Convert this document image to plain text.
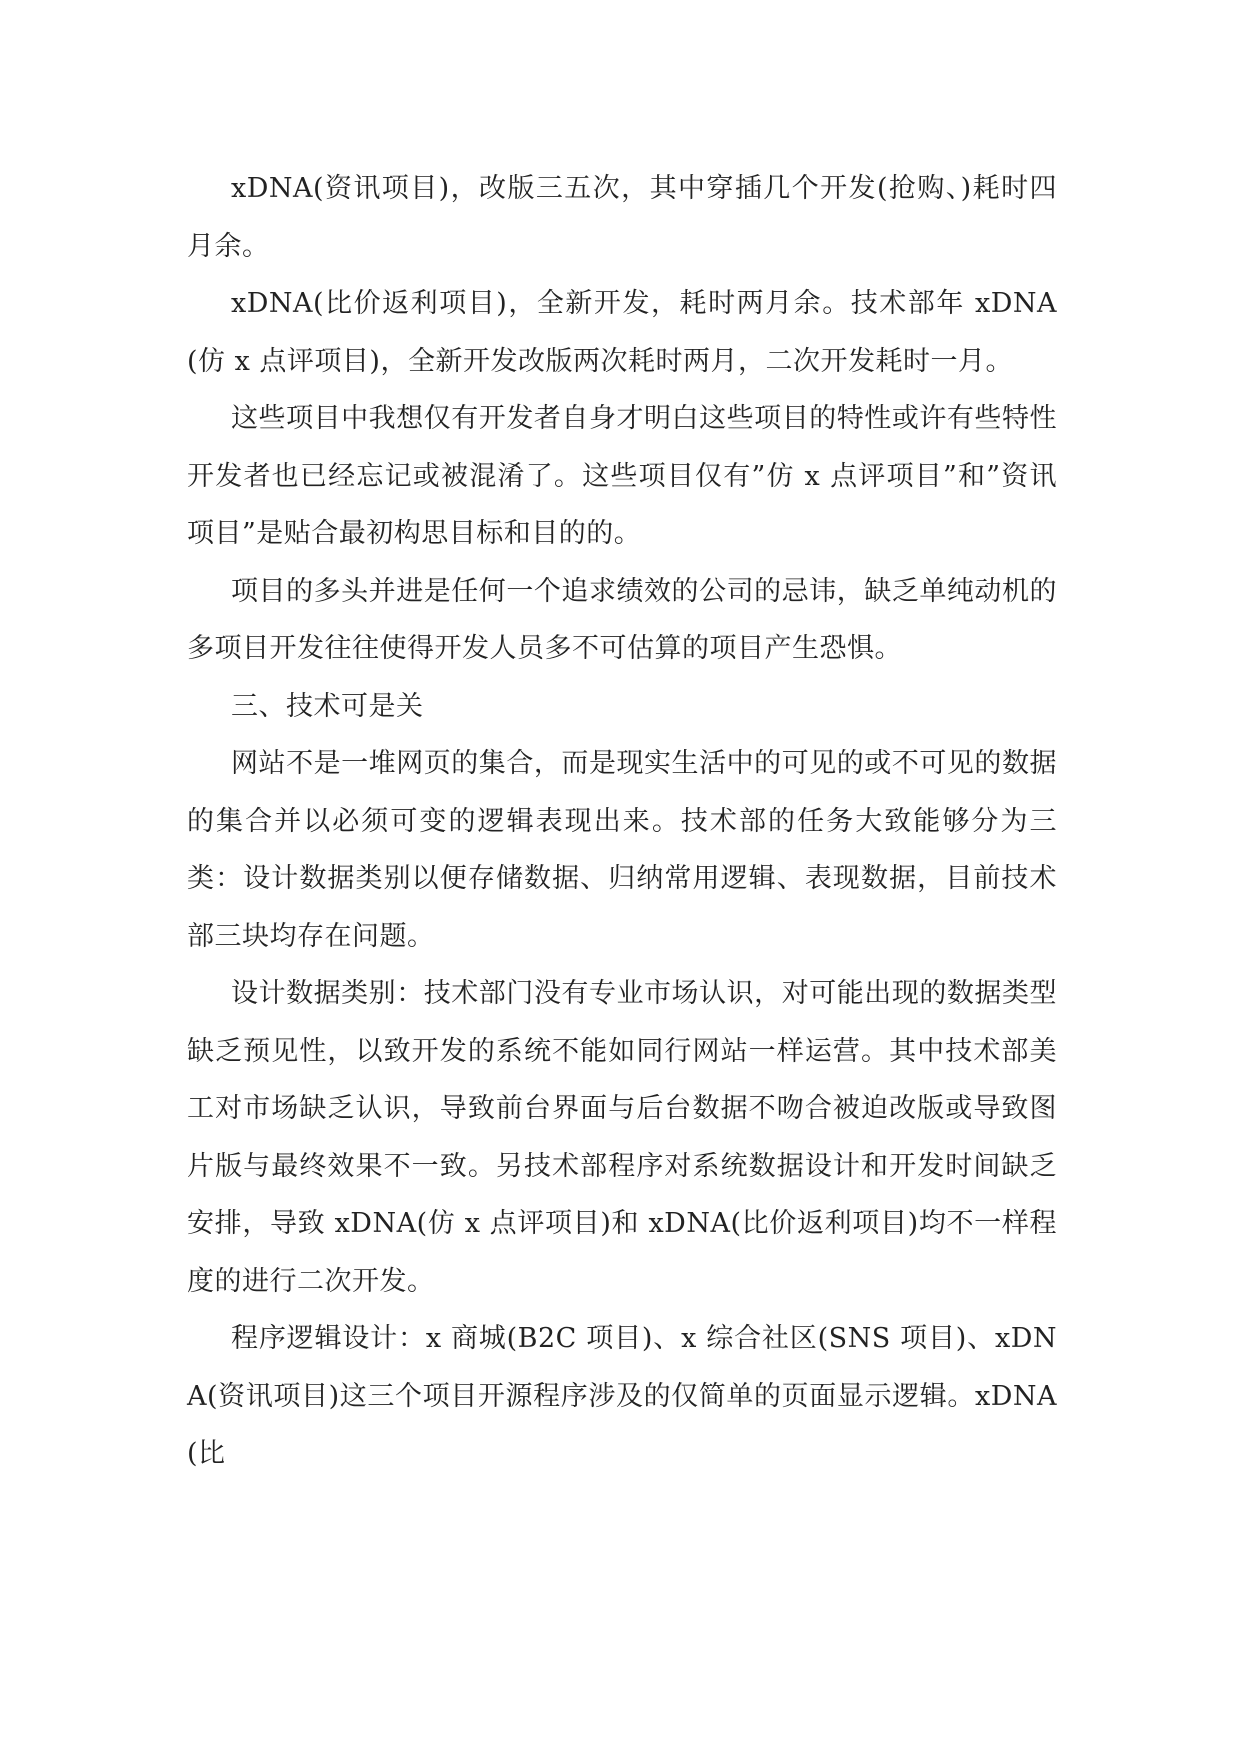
xDNA(资讯项目)，改版三五次，其中穿插几个开发(抢购、)耗时四月余。

xDNA(比价返利项目)，全新开发，耗时两月余。技术部年 xDNA(仿 x 点评项目)，全新开发改版两次耗时两月，二次开发耗时一月。

这些项目中我想仅有开发者自身才明白这些项目的特性或许有些特性开发者也已经忘记或被混淆了。这些项目仅有”仿 x 点评项目”和”资讯项目”是贴合最初构思目标和目的的。

项目的多头并进是任何一个追求绩效的公司的忌讳，缺乏单纯动机的多项目开发往往使得开发人员多不可估算的项目产生恐惧。

三、技术可是关

网站不是一堆网页的集合，而是现实生活中的可见的或不可见的数据的集合并以必须可变的逻辑表现出来。技术部的任务大致能够分为三类：设计数据类别以便存储数据、归纳常用逻辑、表现数据，目前技术部三块均存在问题。

设计数据类别：技术部门没有专业市场认识，对可能出现的数据类型缺乏预见性，以致开发的系统不能如同行网站一样运营。其中技术部美工对市场缺乏认识，导致前台界面与后台数据不吻合被迫改版或导致图片版与最终效果不一致。另技术部程序对系统数据设计和开发时间缺乏安排，导致 xDNA(仿 x 点评项目)和 xDNA(比价返利项目)均不一样程度的进行二次开发。

程序逻辑设计：x 商城(B2C 项目)、x 综合社区(SNS 项目)、xDNA(资讯项目)这三个项目开源程序涉及的仅简单的页面显示逻辑。xDNA(比
